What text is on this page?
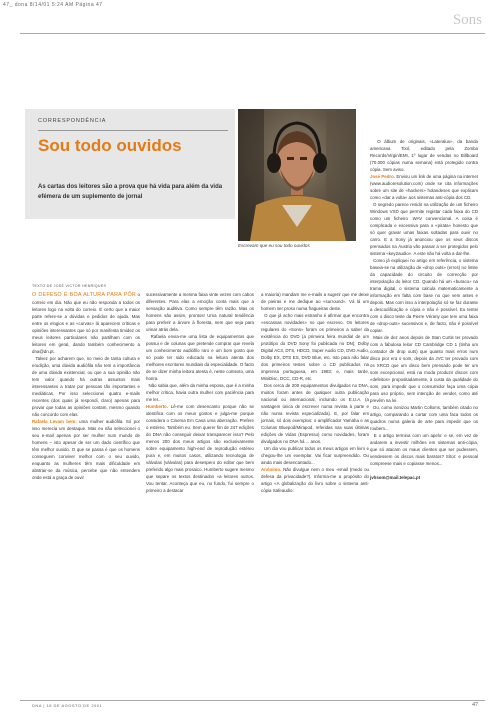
47_ dona 8/14/01 5:24 AM Página 47
Sons
CORRESPONDÊNCIA
Sou todo ouvidos
As cartas dos leitores são a prova que há vida para além da vida efémera de um suplemento de jornal
Escrevam que eu sou todo ouvidos
TEXTO DE JOSÉ VICTOR HENRIQUES

O DEFESO É BOA ALTURA PARA PÔR o correio em dia. Não que eu não responda a todos os leitores logo na volta do correio. É certo que a maior parte refere-se a dúvidas e pedidos de ajuda. Mas entre os elogios e as «curvas» lá aparecem críticas e opiniões interessantes que só por manifesta timidez os meus leitores particulares não partilham com os leitores em geral, dando também conhecimento a dna@dn.pt.

Talvez por acharem que, no meio de tanta cultura e erudição, uma dúvida audiófila não tem a importância de uma dúvida existencial, ou que a sua opinião não tem valor quando há outras assuntos mais interessantes a tratar por pessoas tão importantes e mediáticas. Por isso seleccionei quatro e-mails recentes (dos quais já respondi, claro) apenas para provar que todas as opiniões contam, mesmo quando não concordo com elas.

Rafaela Levam bem: uma mulher audiófila. Só por isso merecia um destaque. Mas eu não seleccionei o seu e-mail apenas por ser mulher num mundo de homens – isto apesar de ser um dado científico que têm melhor ouvido. O que se passa é que os homens conseguem conviver melhor com o seu ouvido, enquanto as mulheres têm mais dificuldade em abstrair-se da música, percebe que não entendem onde está a graça de ouvir

sucessivamente a mesma faixa vinte vezes com cabos diferentes. Para elas a emoção conta mais que a sensação auditiva. Como sempre têm razão. Mas os homens são assim, prontos! Uma natural tendência para preferir a árvore à floresta, nem que seja para urinar atrás dela.

Rafaela envia-me uma lista de equipamentos que possui e de colunas que pretende comprar que revela um conhecimento audiófilo raro e um bom gosto que só pode ter sido educado na leitura atenta dos melhores escritores mundiais da especialidade. O facto de se dizer minha leitora atenta é, neste contexto, uma honra.

Não sabia que, além da minha esposa, que é a minha melhor crítica, havia outra mulher com paciência para me ler...

Humberto. Lê-me com desencanto porque não se identifica com os meus gostos e julga-me porque considera o Cinema Em Casa uma aberração. Prefere o estéreo. Também eu. Sem querer fim de 247 edições do DNA não conseguir deixar transparecer isso? Pelo menos 200 dos meus artigos são exclusivamente sobre equipamento high-end de reprodução estéreo pura e, em muitos casos, utilizando tecnologia de válvulas (válvulas) para desespero do editor que bem preferido algo mais prosaico. Humberto sugere mesmo que separe os textos destinados «a leitores outros. Vou tentar. Aconteça que eu, no fundo, fui sempre o primeiro a destacar

a maioria) mandam me e-mails a sugerir que me deixe de pieiras e me dedique ao «surround». Vá lá um homem ser proso numa fragueiras deste.

O que já acho mais estranho é afirmar que encontra «escassas novidades» no que escrevo. Os leitores regulares do «Sons» foram os primeiros a saber da existência do DVD (a primeira feira mundial de um protótipo do DVD Sony foi publicada no DN), Dolby Digital AC3, DTS, HDCD, Super Audio CD, DVD Audio, Dolby EX, DTS ES, DVD Blue, etc. Isto para não falar dos primeiros testes sobre o CD publicados na imprensa portuguesa, em 1983; e, mais tarde, MiniDisc, DCC, CD-R, etc.

Dos cerca de 200 equipamentos divulgados no DNA, muitos foram antes de qualquer outra publicação nacional ou internacional, incluindo os E.U.A. (a vantagem única de escrever numa revista à parte e não numa revista especializada). E, por falar em jornais, só dois exemplos: o amplificador Yamaha e as Colunas Bluepod/Mirapod, referidas nas suas últimas edições de Vidas (Espresso) como novidades, foram divulgados no DNA há ... anos.

Um dia vou publicar todos os meus artigos em livro e chegou-lhe um exemplar. Vai ficar surpreendido. Ou ainda mais desencantado...

Anónimo. Não divulgue nem o meu -email (medo ou defesa da privacidade?). Informa-me a propósito do artigo «A globalização do livro sobre o sistema anti-cópia Safeaudio:

O álbum de originais, «Lateralus», da banda americana Tool, editado pela Zomba Records/Virgin/EMI, 1º lugar de vendas no Billboard (70.000 cópias numa semana) está protegido contra cópia. Sem aviso.

José Pedro. Enviou um link de uma página na internet (www.audioresolution.com) onde se cita informações sobre um site de «hackers» holandeses que explicam como «dar a volta» aos sistemas anti-cópia dos CD.

O segredo parece residir na utilização de um ficheiro Windows VXD que permite registar cada faixa do CD como um ficheiro .WAV convencional. A coisa é complicada e excessiva para o «pirata» honesto que só quer gravar umas faixas soltadas para ouvir no carro. E a Sony já anunciou que os seus discos prensados na Áustria vão passar a ser protegidos pelo sistema «key2audio». A este não há volta a dar-lhe.

Como já expliquei no artigo em referência, o sistema baseia-se na utilização de «drop outs» (erros) no limite da capacidade do circuito de correcção por interpolação do leitor CD. Quando há um «buraco» na trama digital, o sistema calcula matematicamente a informação em falta com base no que vem antes e depois. Mas com isso a interpolação só se faz durante a descodificação e cópia e não é possível. Eu tentei com o disco teste da Pierre Vérany que tem uma faixa de «drop-outs» sucessivos e, de facto, não é possível copiar.

Mais de dez anos depois de Stan Curtis ter provado com a fabulosa leitor CD Cambridge CD 1 (tinha um contador de drop outs) que quanto mais erros num disco pior era o som, depois da JVC ter provado com os XRCD que um disco bem prensado pode ter um som excepcional, está na moda produzir discos com «defeitos» propositadamente, à custa da qualidade do som, para impedir que o consumidor faça uma cópia para uso próprio, sem intenção de vender, como até prevêm na lei.

Ou, como ironizou Martin Colloms, também citado no artigo, comparando a cortar com uma faca todos os quadros numa galeria de arte para impedir que os roubem...

E o artigo termina com um apelo: e se, em vez de andarem a investir milhões em sistemas anti-cópia, que só atacam os maus clientes que ser pudessem, vendessem os discos mais baratos? Sítor: e pessoal compreese mais e copiasse menos...

jvhsom@mail.telepac.pt

DNA | 18 DE AGOSTO DE 2001	47
